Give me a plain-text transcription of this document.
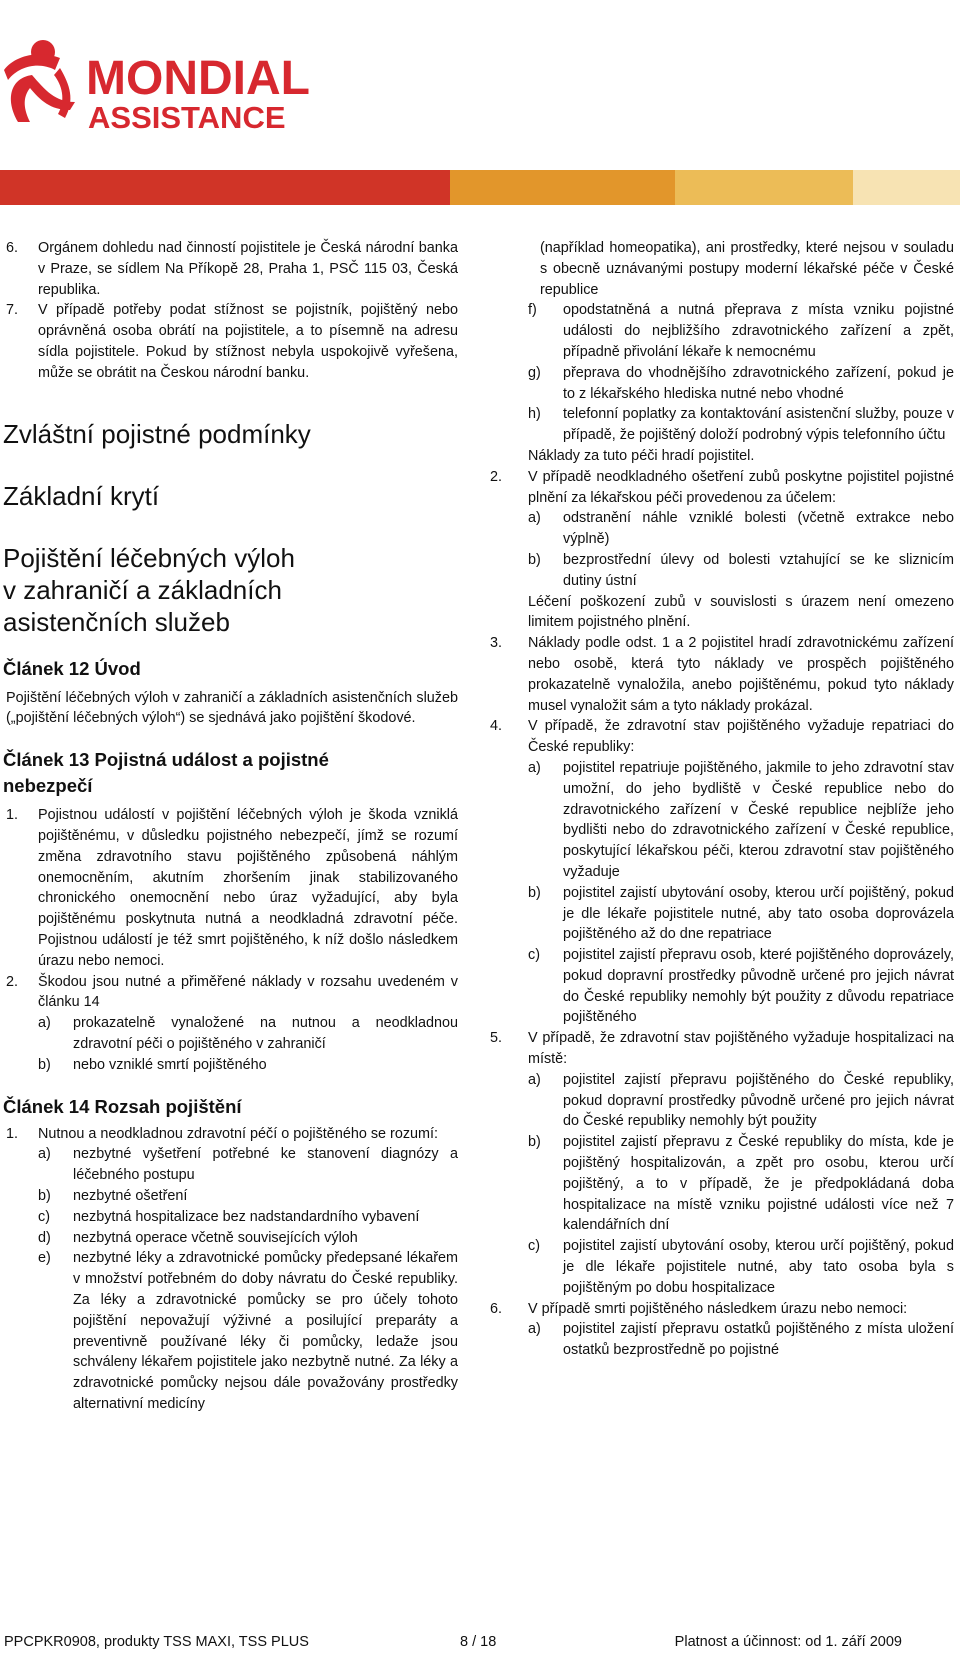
MONDIAL
ASSISTANCE
6.	Orgánem dohledu nad činností pojistitele je Česká národní banka v Praze, se sídlem Na Příkopě 28, Praha 1, PSČ 115 03, Česká republika.
7.	V případě potřeby podat stížnost se pojistník, pojištěný nebo oprávněná osoba obrátí na pojistitele, a to písemně na adresu sídla pojistitele. Pokud by stížnost nebyla uspokojivě vyřešena, může se obrátit na Českou národní banku.
Zvláštní pojistné podmínky
Základní krytí
Pojištění léčebných výloh
v zahraničí a základních
asistenčních služeb
Článek 12 Úvod
Pojištění léčebných výloh v zahraničí a základních asistenčních služeb („pojištění léčebných výloh“) se sjednává jako pojištění škodové.
Článek 13 Pojistná událost a pojistné
nebezpečí
1.	Pojistnou událostí v pojištění léčebných výloh je škoda vzniklá pojištěnému, v důsledku pojistného nebezpečí, jímž se rozumí změna zdravotního stavu pojištěného způsobená náhlým onemocněním, akutním zhoršením jinak stabilizovaného chronického onemocnění nebo úraz vyžadující, aby byla pojištěnému poskytnuta nutná a neodkladná zdravotní péče. Pojistnou událostí je též smrt pojištěného, k níž došlo následkem úrazu nebo nemoci.
2.	Škodou jsou nutné a přiměřené náklady v rozsahu uvedeném v článku 14
a)	prokazatelně vynaložené na nutnou a neodkladnou zdravotní péči o pojištěného v zahraničí
b)	nebo vzniklé smrtí pojištěného
Článek 14 Rozsah pojištění
1.	Nutnou a neodkladnou zdravotní péčí o pojištěného se rozumí:
a)	nezbytné vyšetření potřebné ke stanovení diagnózy a léčebného postupu
b)	nezbytné ošetření
c)	nezbytná hospitalizace bez nadstandardního vybavení
d)	nezbytná operace včetně souvisejících výloh
e)	nezbytné léky a zdravotnické pomůcky předepsané lékařem v množství potřebném do doby návratu do České republiky. Za léky a zdravotnické pomůcky se pro účely tohoto pojištění nepovažují výživné a posilující preparáty a preventivně používané léky či pomůcky, ledaže jsou schváleny lékařem pojistitele jako nezbytně nutné. Za léky a zdravotnické pomůcky nejsou dále považovány prostředky alternativní medicíny
(například homeopatika), ani prostředky, které nejsou v souladu s obecně uznávanými postupy moderní lékařské péče v České republice
f)	opodstatněná a nutná přeprava z místa vzniku pojistné události do nejbližšího zdravotnického zařízení a zpět, případně přivolání lékaře k nemocnému
g)	přeprava do vhodnějšího zdravotnického zařízení, pokud je to z lékařského hlediska nutné nebo vhodné
h)	telefonní poplatky za kontaktování asistenční služby, pouze v případě, že pojištěný doloží podrobný výpis telefonního účtu
Náklady za tuto péči hradí pojistitel.
2.	V případě neodkladného ošetření zubů poskytne pojistitel pojistné plnění za lékařskou péči provedenou za účelem:
a)	odstranění náhle vzniklé bolesti (včetně extrakce nebo výplně)
b)	bezprostřední úlevy od bolesti vztahující se ke sliznicím dutiny ústní
Léčení poškození zubů v souvislosti s úrazem není omezeno limitem pojistného plnění.
3.	Náklady podle odst. 1 a 2 pojistitel hradí zdravotnickému zařízení nebo osobě, která tyto náklady ve prospěch pojištěného prokazatelně vynaložila, anebo pojištěnému, pokud tyto náklady musel vynaložit sám a tyto náklady prokázal.
4.	V případě, že zdravotní stav pojištěného vyžaduje repatriaci do České republiky:
a)	pojistitel repatriuje pojištěného, jakmile to jeho zdravotní stav umožní, do jeho bydliště v České republice nebo do zdravotnického zařízení v České republice nejblíže jeho bydlišti nebo do zdravotnického zařízení v České republice, poskytující lékařskou péči, kterou zdravotní stav pojištěného vyžaduje
b)	pojistitel zajistí ubytování osoby, kterou určí pojištěný, pokud je dle lékaře pojistitele nutné, aby tato osoba doprovázela pojištěného až do dne repatriace
c)	pojistitel zajistí přepravu osob, které pojištěného doprovázely, pokud dopravní prostředky původně určené pro jejich návrat do České republiky nemohly být použity z důvodu repatriace pojištěného
5.	V případě, že zdravotní stav pojištěného vyžaduje hospitalizaci na místě:
a)	pojistitel zajistí přepravu pojištěného do České republiky, pokud dopravní prostředky původně určené pro jejich návrat do České republiky nemohly být použity
b)	pojistitel zajistí přepravu z České republiky do místa, kde je pojištěný hospitalizován, a zpět pro osobu, kterou určí pojištěný, a to v případě, že je předpokládaná doba hospitalizace na místě vzniku pojistné události více než 7 kalendářních dní
c)	pojistitel zajistí ubytování osoby, kterou určí pojištěný, pokud je dle lékaře pojistitele nutné, aby tato osoba byla s pojištěným po dobu hospitalizace
6.	V případě smrti pojištěného následkem úrazu nebo nemoci:
a)	pojistitel zajistí přepravu ostatků pojištěného z místa uložení ostatků bezprostředně po pojistné
PPCPKR0908, produkty TSS MAXI, TSS PLUS	8 / 18	Platnost a účinnost: od 1. září 2009
